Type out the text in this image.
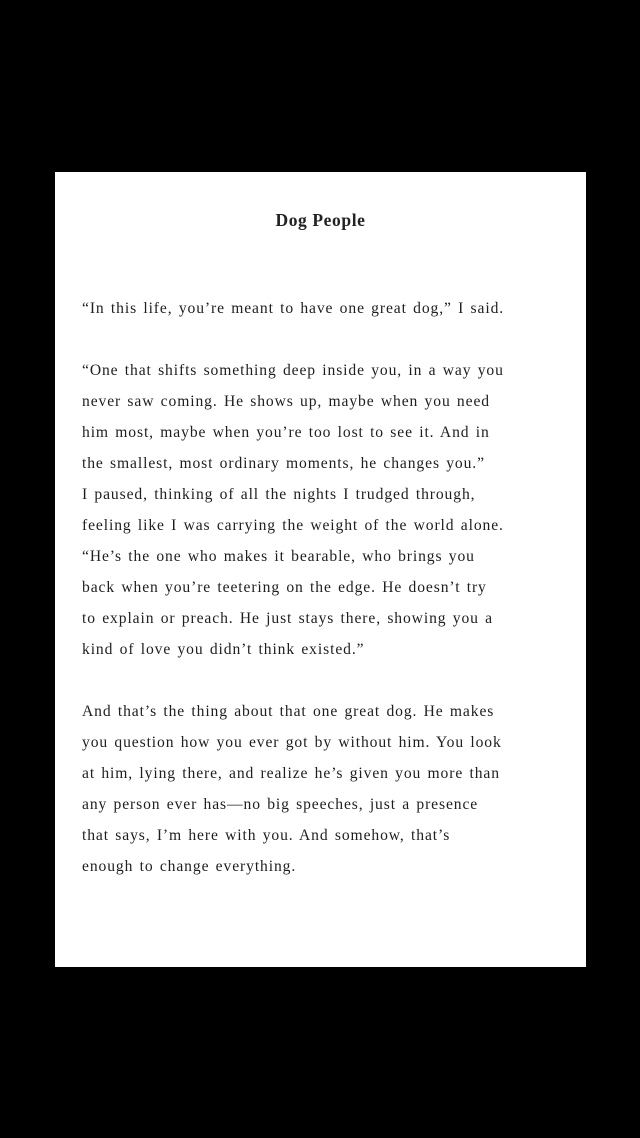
Dog People

“In this life, you’re meant to have one great dog,” I said.

“One that shifts something deep inside you, in a way you
never saw coming. He shows up, maybe when you need
him most, maybe when you’re too lost to see it. And in
the smallest, most ordinary moments, he changes you.”
I paused, thinking of all the nights I trudged through,
feeling like I was carrying the weight of the world alone.
“He’s the one who makes it bearable, who brings you
back when you’re teetering on the edge. He doesn’t try
to explain or preach. He just stays there, showing you a
kind of love you didn’t think existed.”

And that’s the thing about that one great dog. He makes
you question how you ever got by without him. You look
at him, lying there, and realize he’s given you more than
any person ever has—no big speeches, just a presence
that says, I’m here with you. And somehow, that’s
enough to change everything.
